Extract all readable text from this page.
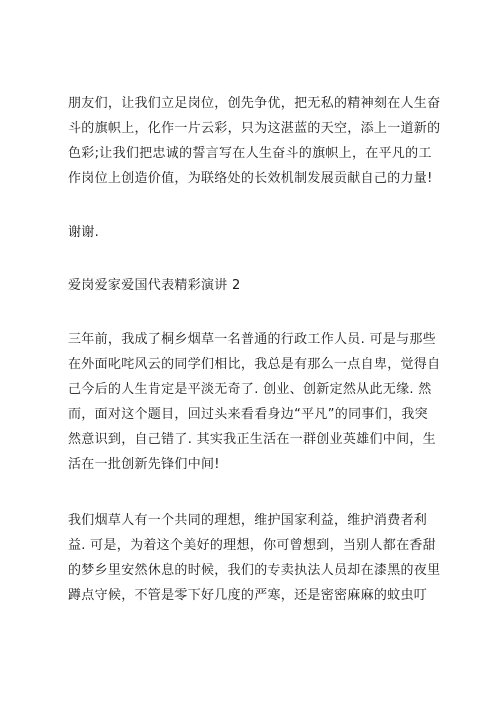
朋友们，让我们立足岗位，创先争优，把无私的精神刻在人生奋
斗的旗帜上，化作一片云彩，只为这湛蓝的天空，添上一道新的
色彩;让我们把忠诚的誓言写在人生奋斗的旗帜上，在平凡的工
作岗位上创造价值，为联络处的长效机制发展贡献自己的力量!
谢谢.
爱岗爱家爱国代表精彩演讲 2
三年前，我成了桐乡烟草一名普通的行政工作人员. 可是与那些
在外面叱咤风云的同学们相比，我总是有那么一点自卑，觉得自
己今后的人生肯定是平淡无奇了. 创业、创新定然从此无缘. 然
而，面对这个题目，回过头来看看身边“平凡”的同事们，我突
然意识到，自己错了. 其实我正生活在一群创业英雄们中间，生
活在一批创新先锋们中间!
我们烟草人有一个共同的理想，维护国家利益，维护消费者利
益. 可是，为着这个美好的理想，你可曾想到，当别人都在香甜
的梦乡里安然休息的时候，我们的专卖执法人员却在漆黑的夜里
蹲点守候，不管是零下好几度的严寒，还是密密麻麻的蚊虫叮
